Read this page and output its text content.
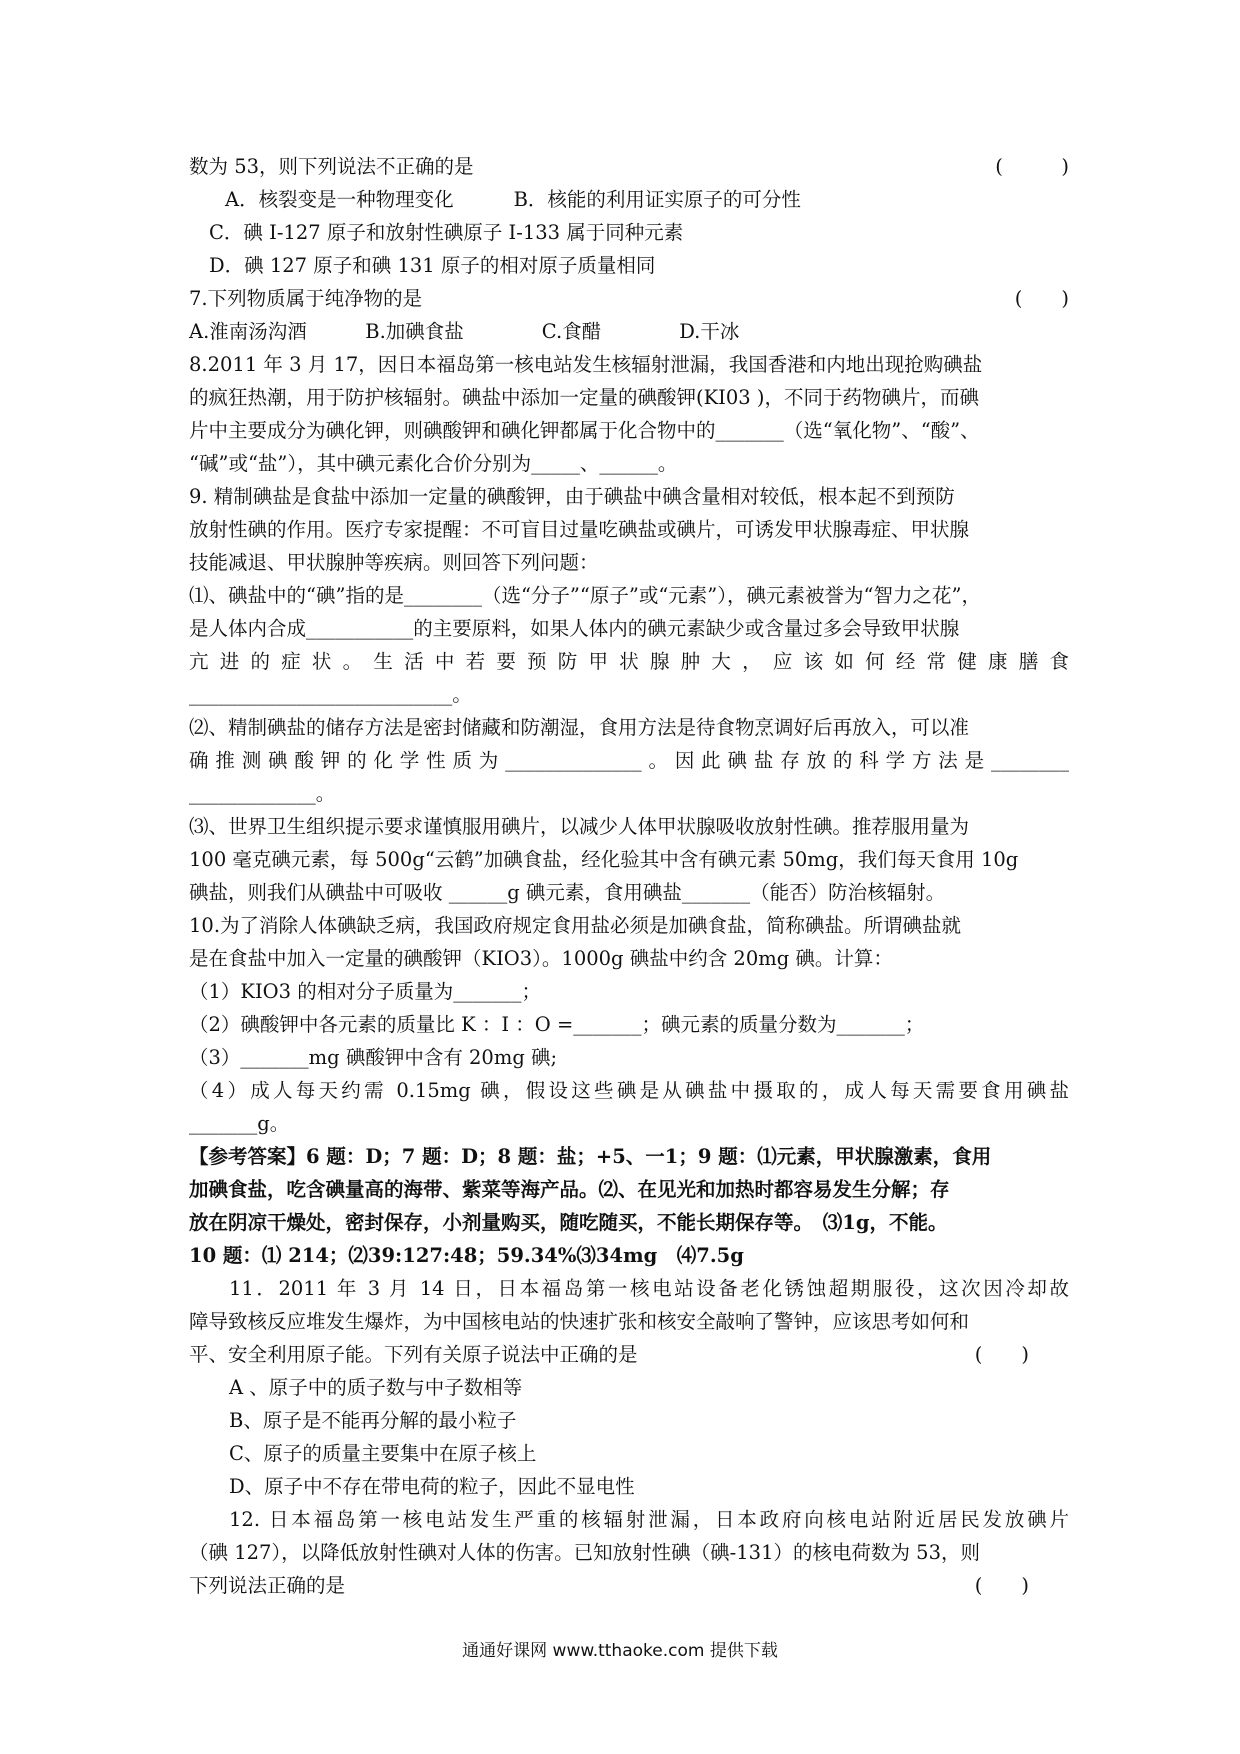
数为 53，则下列说法不正确的是	(　　　)
A．核裂变是一种物理变化	B．核能的利用证实原子的可分性
C．碘 I-127 原子和放射性碘原子 I-133 属于同种元素
D．碘 127 原子和碘 131 原子的相对原子质量相同
7.下列物质属于纯净物的是	(　　)
A.淮南汤沟酒　　　B.加碘食盐　　　　C.食醋　　　　D.干冰
8.2011 年 3 月 17，因日本福岛第一核电站发生核辐射泄漏，我国香港和内地出现抢购碘盐
的疯狂热潮，用于防护核辐射。碘盐中添加一定量的碘酸钾(KI03 )，不同于药物碘片，而碘
片中主要成分为碘化钾，则碘酸钾和碘化钾都属于化合物中的_______（选“氧化物”、“酸”、
“碱”或“盐”），其中碘元素化合价分别为_____、______。
9. 精制碘盐是食盐中添加一定量的碘酸钾，由于碘盐中碘含量相对较低，根本起不到预防
放射性碘的作用。医疗专家提醒：不可盲目过量吃碘盐或碘片，可诱发甲状腺毒症、甲状腺
技能减退、甲状腺肿等疾病。则回答下列问题：
⑴、碘盐中的“碘”指的是________（选“分子”“原子”或“元素”），碘元素被誉为“智力之花”，
是人体内合成___________的主要原料，如果人体内的碘元素缺少或含量过多会导致甲状腺
亢进的症状。生活中若要预防甲状腺肿大，应该如何经常健康膳食
___________________________。
⑵、精制碘盐的储存方法是密封储藏和防潮湿，食用方法是待食物烹调好后再放入，可以准
确推测碘酸钾的化学性质为______________。因此碘盐存放的科学方法是________
_____________。
⑶、世界卫生组织提示要求谨慎服用碘片，以减少人体甲状腺吸收放射性碘。推荐服用量为
100 毫克碘元素，每 500g“云鹤”加碘食盐，经化验其中含有碘元素 50mg，我们每天食用 10g
碘盐，则我们从碘盐中可吸收 ______g 碘元素，食用碘盐_______（能否）防治核辐射。
10.为了消除人体碘缺乏病，我国政府规定食用盐必须是加碘食盐，简称碘盐。所谓碘盐就
是在食盐中加入一定量的碘酸钾（KIO3）。1000g 碘盐中约含 20mg 碘。计算：
（1）KIO3 的相对分子质量为_______；
（2）碘酸钾中各元素的质量比 K ：I ：O =_______；碘元素的质量分数为_______；
（3）_______mg 碘酸钾中含有 20mg 碘;
（4）成人每天约需 0.15mg 碘，假设这些碘是从碘盐中摄取的，成人每天需要食用碘盐
_______g。
【参考答案】6 题：D；7 题：D；8 题：盐；+5、一1；9 题：⑴元素，甲状腺激素，食用
加碘食盐，吃含碘量高的海带、紫菜等海产品。⑵、在见光和加热时都容易发生分解；存
放在阴凉干燥处，密封保存，小剂量购买，随吃随买，不能长期保存等。　⑶1g，不能。
10 题：⑴ 214；⑵39:127:48；59.34%⑶34mg　⑷7.5g
11．2011 年 3 月 14 日，日本福岛第一核电站设备老化锈蚀超期服役，这次因冷却故
障导致核反应堆发生爆炸，为中国核电站的快速扩张和核安全敲响了警钟，应该思考如何和
平、安全利用原子能。下列有关原子说法中正确的是	(　　)
A 、原子中的质子数与中子数相等
B、原子是不能再分解的最小粒子
C、原子的质量主要集中在原子核上
D、原子中不存在带电荷的粒子，因此不显电性
12. 日本福岛第一核电站发生严重的核辐射泄漏，日本政府向核电站附近居民发放碘片
（碘 127），以降低放射性碘对人体的伤害。已知放射性碘（碘-131）的核电荷数为 53，则
下列说法正确的是	(　　)
通通好课网 www.tthaoke.com 提供下载
